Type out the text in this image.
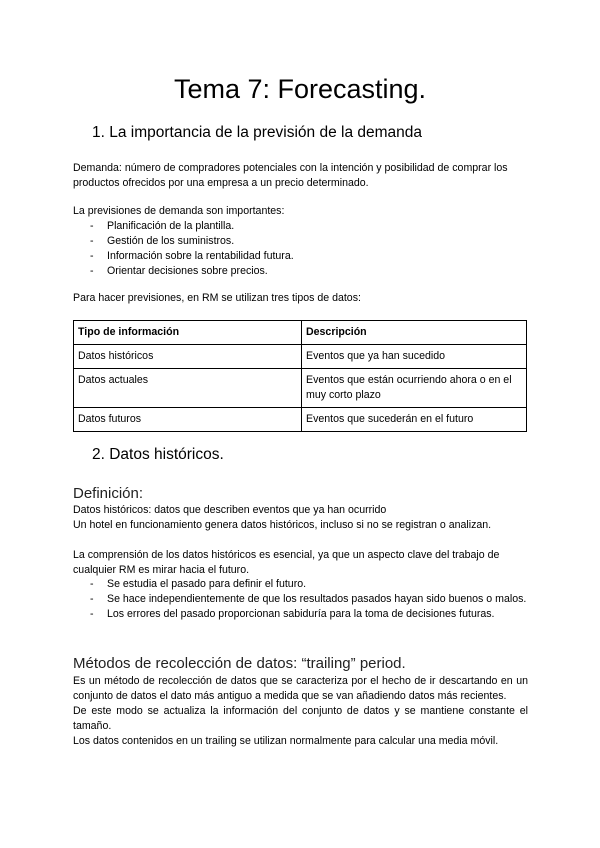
Tema 7: Forecasting.
1. La importancia de la previsión de la demanda
Demanda: número de compradores potenciales con la intención y posibilidad de comprar los
productos ofrecidos por una empresa a un precio determinado.
La previsiones de demanda son importantes:
- Planificación de la plantilla.
- Gestión de los suministros.
- Información sobre la rentabilidad futura.
- Orientar decisiones sobre precios.
Para hacer previsiones, en RM se utilizan tres tipos de datos:
Tipo de información	Descripción
Datos históricos	Eventos que ya han sucedido
Datos actuales	Eventos que están ocurriendo ahora o en el muy corto plazo
Datos futuros	Eventos que sucederán en el futuro
2. Datos históricos.
Definición:
Datos históricos: datos que describen eventos que ya han ocurrido
Un hotel en funcionamiento genera datos históricos, incluso si no se registran o analizan.
La comprensión de los datos históricos es esencial, ya que un aspecto clave del trabajo de
cualquier RM es mirar hacia el futuro.
- Se estudia el pasado para definir el futuro.
- Se hace independientemente de que los resultados pasados hayan sido buenos o malos.
- Los errores del pasado proporcionan sabiduría para la toma de decisiones futuras.
Métodos de recolección de datos: “trailing” period.
Es un método de recolección de datos que se caracteriza por el hecho de ir descartando en un conjunto de datos el dato más antiguo a medida que se van añadiendo datos más recientes.
De este modo se actualiza la información del conjunto de datos y se mantiene constante el tamaño.
Los datos contenidos en un trailing se utilizan normalmente para calcular una media móvil.
